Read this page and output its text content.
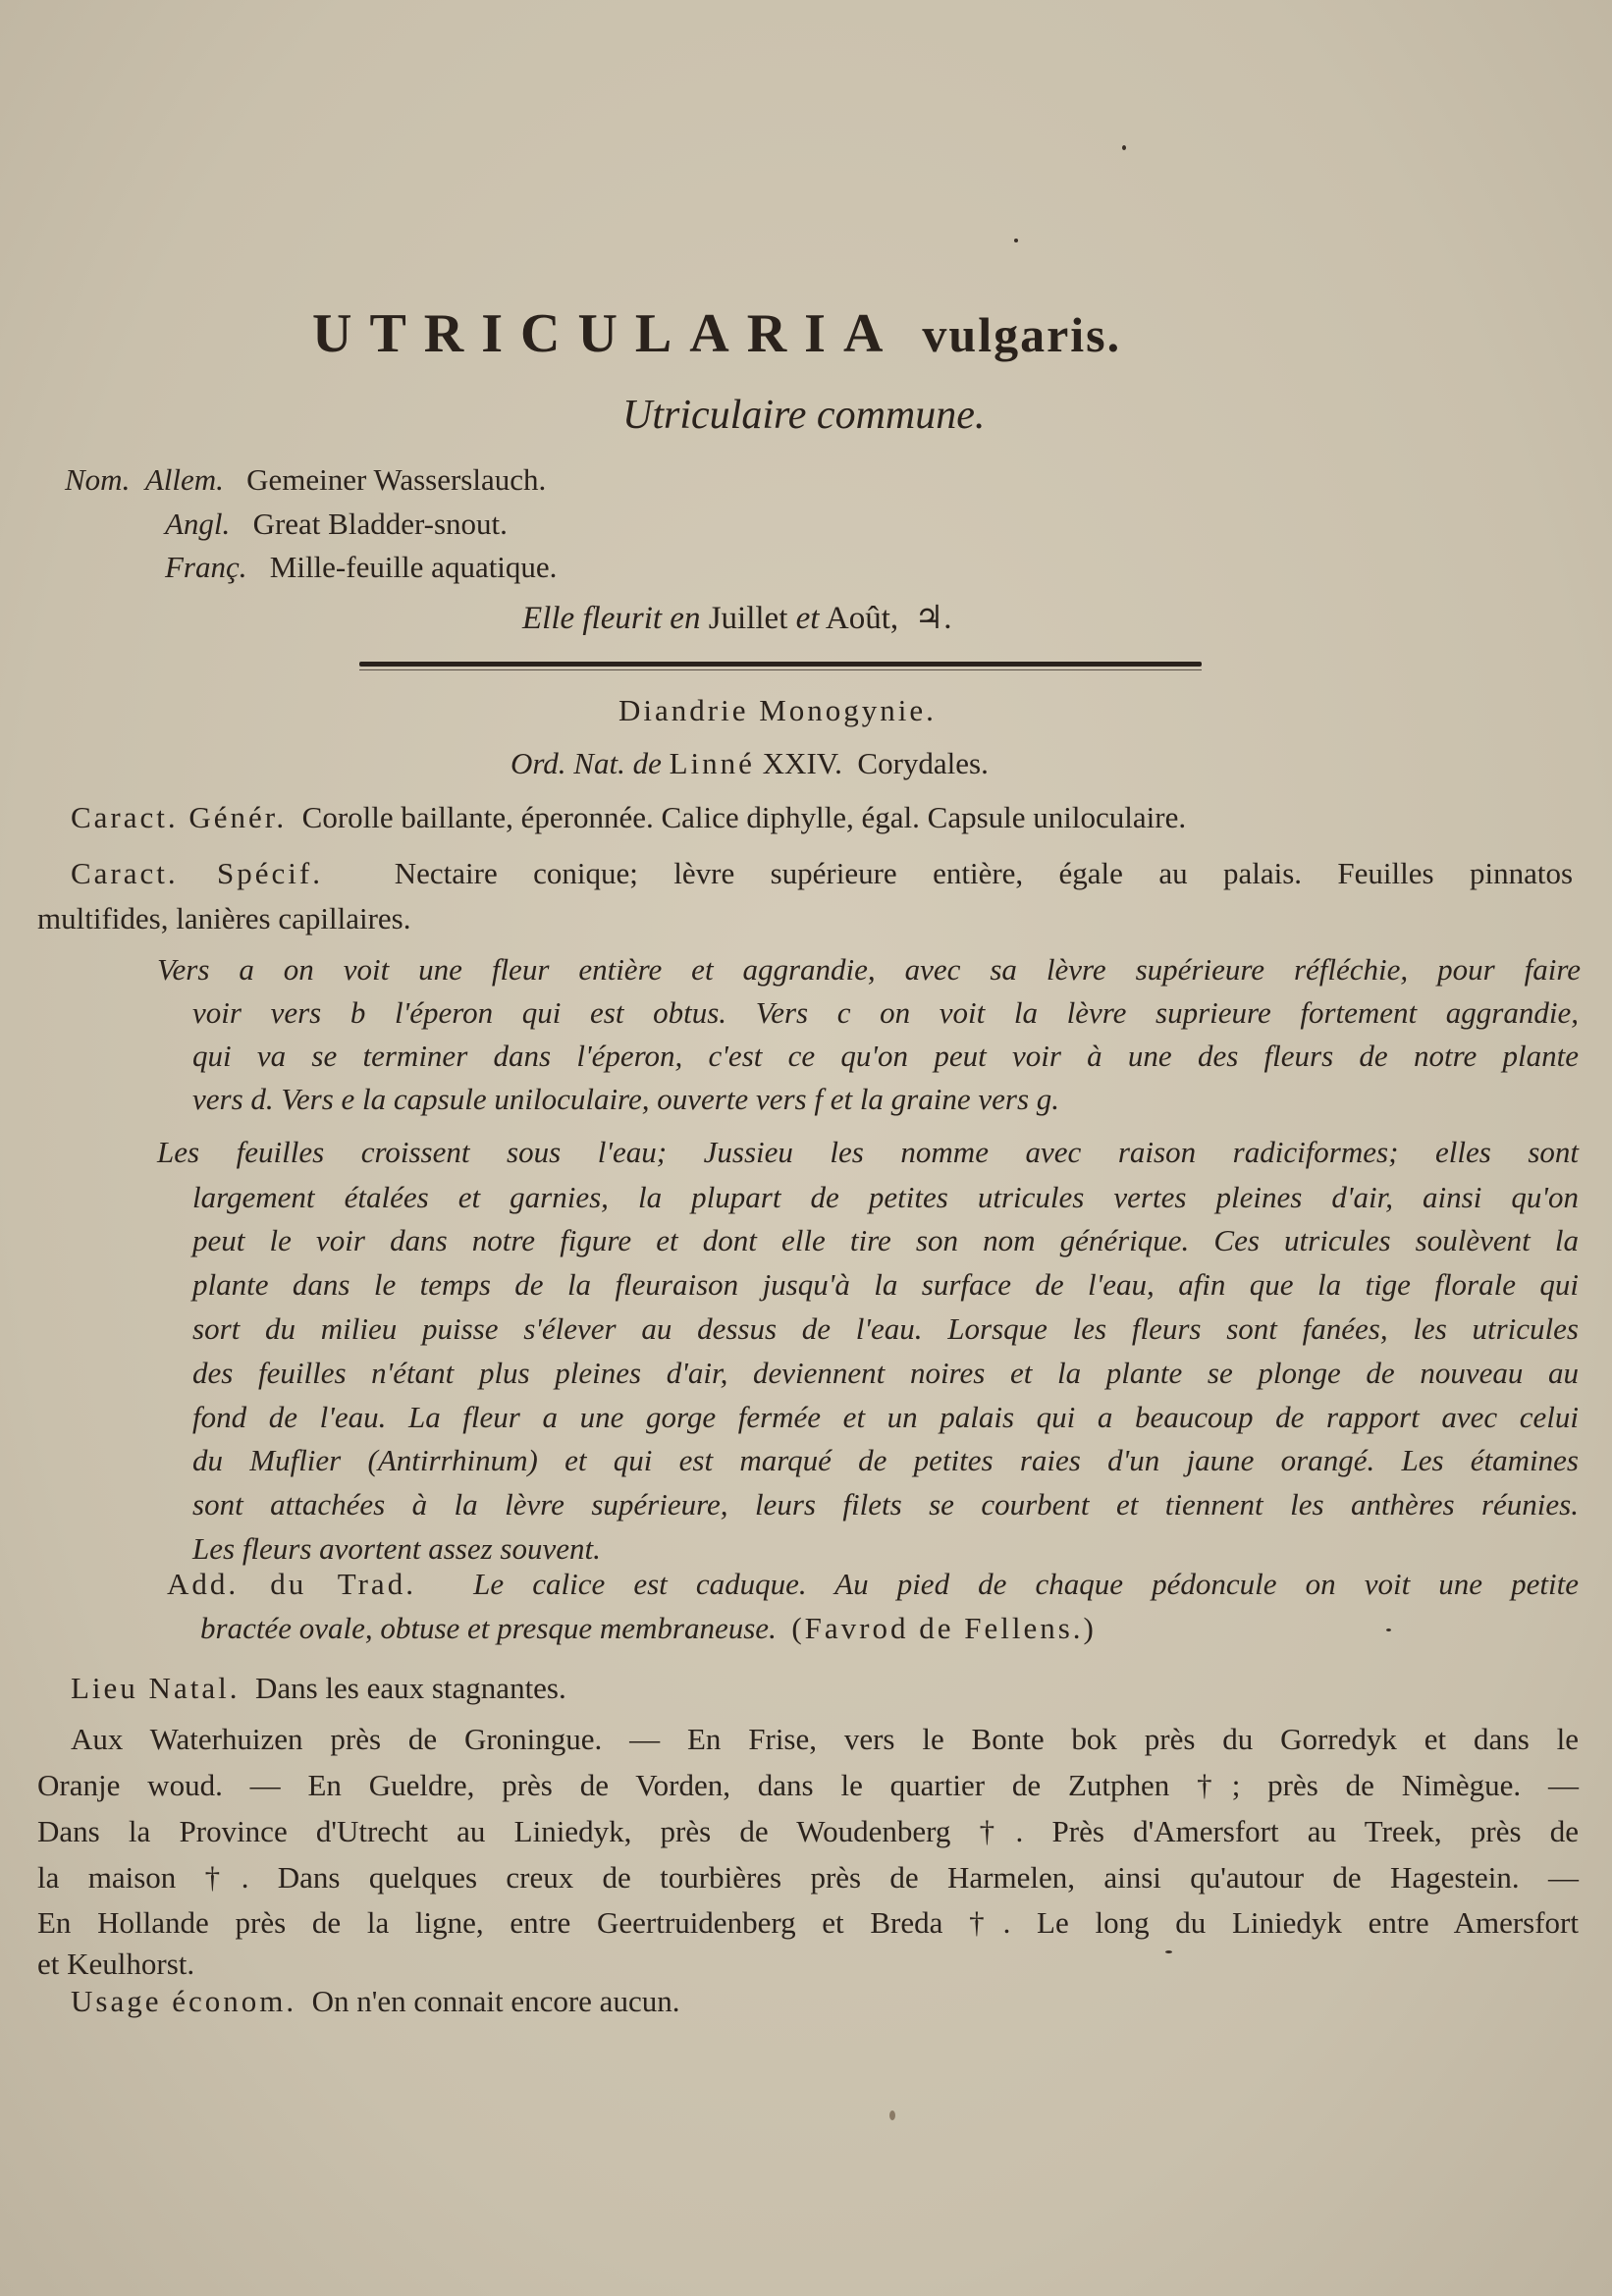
UTRICULARIA vulgaris.
Utriculaire commune.
Nom. Allem. Gemeiner Wasserslauch.
Angl. Great Bladder-snout.
Franç. Mille-feuille aquatique.
Elle fleurit en Juillet et Août, ♃.
Diandrie Monogynie.
Ord. Nat. de Linné XXIV. Corydales.
Caract. Génér. Corolle baillante, éperonnée. Calice diphylle, égal. Capsule uniloculaire.
Caract. Spécif. Nectaire conique; lèvre supérieure entière, égale au palais. Feuilles pinnatos
multifides, lanières capillaires.
Vers a on voit une fleur entière et aggrandie, avec sa lèvre supérieure réfléchie, pour faire
voir vers b l'éperon qui est obtus. Vers c on voit la lèvre suprieure fortement aggrandie,
qui va se terminer dans l'éperon, c'est ce qu'on peut voir à une des fleurs de notre plante
vers d. Vers e la capsule uniloculaire, ouverte vers f et la graine vers g.
Les feuilles croissent sous l'eau; Jussieu les nomme avec raison radiciformes; elles sont
largement étalées et garnies, la plupart de petites utricules vertes pleines d'air, ainsi qu'on
peut le voir dans notre figure et dont elle tire son nom générique. Ces utricules soulèvent la
plante dans le temps de la fleuraison jusqu'à la surface de l'eau, afin que la tige florale qui
sort du milieu puisse s'élever au dessus de l'eau. Lorsque les fleurs sont fanées, les utricules
des feuilles n'étant plus pleines d'air, deviennent noires et la plante se plonge de nouveau au
fond de l'eau. La fleur a une gorge fermée et un palais qui a beaucoup de rapport avec celui
du Muflier (Antirrhinum) et qui est marqué de petites raies d'un jaune orangé. Les étamines
sont attachées à la lèvre supérieure, leurs filets se courbent et tiennent les anthères réunies.
Les fleurs avortent assez souvent.
Add. du Trad. Le calice est caduque. Au pied de chaque pédoncule on voit une petite
bractée ovale, obtuse et presque membraneuse. (Favrod de Fellens.)
Lieu Natal. Dans les eaux stagnantes.
Aux Waterhuizen près de Groningue. — En Frise, vers le Bonte bok près du Gorredyk et dans le
Oranje woud. — En Gueldre, près de Vorden, dans le quartier de Zutphen †; près de Nimègue. —
Dans la Province d'Utrecht au Liniedyk, près de Woudenberg †. Près d'Amersfort au Treek, près de
la maison †. Dans quelques creux de tourbières près de Harmelen, ainsi qu'autour de Hagestein. —
En Hollande près de la ligne, entre Geertruidenberg et Breda †. Le long du Liniedyk entre Amersfort
et Keulhorst.
Usage économ. On n'en connait encore aucun.
